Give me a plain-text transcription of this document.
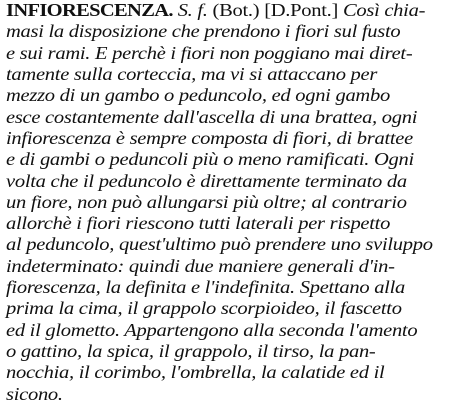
INFIORESCENZA. S. f. (Bot.) [D.Pont.] Così chia-
masi la disposizione che prendono i fiori sul fusto
e sui rami. E perchè i fiori non poggiano mai diret-
tamente sulla corteccia, ma vi si attaccano per
mezzo di un gambo o peduncolo, ed ogni gambo
esce costantemente dall'ascella di una brattea, ogni
infiorescenza è sempre composta di fiori, di brattee
e di gambi o peduncoli più o meno ramificati. Ogni
volta che il peduncolo è direttamente terminato da
un fiore, non può allungarsi più oltre; al contrario
allorchè i fiori riescono tutti laterali per rispetto
al peduncolo, quest'ultimo può prendere uno sviluppo
indeterminato: quindi due maniere generali d'in-
fiorescenza, la definita e l'indefinita. Spettano alla
prima la cima, il grappolo scorpioideo, il fascetto
ed il glometto. Appartengono alla seconda l'amento
o gattino, la spica, il grappolo, il tirso, la pan-
nocchia, il corimbo, l'ombrella, la calatide ed il
sicono.
